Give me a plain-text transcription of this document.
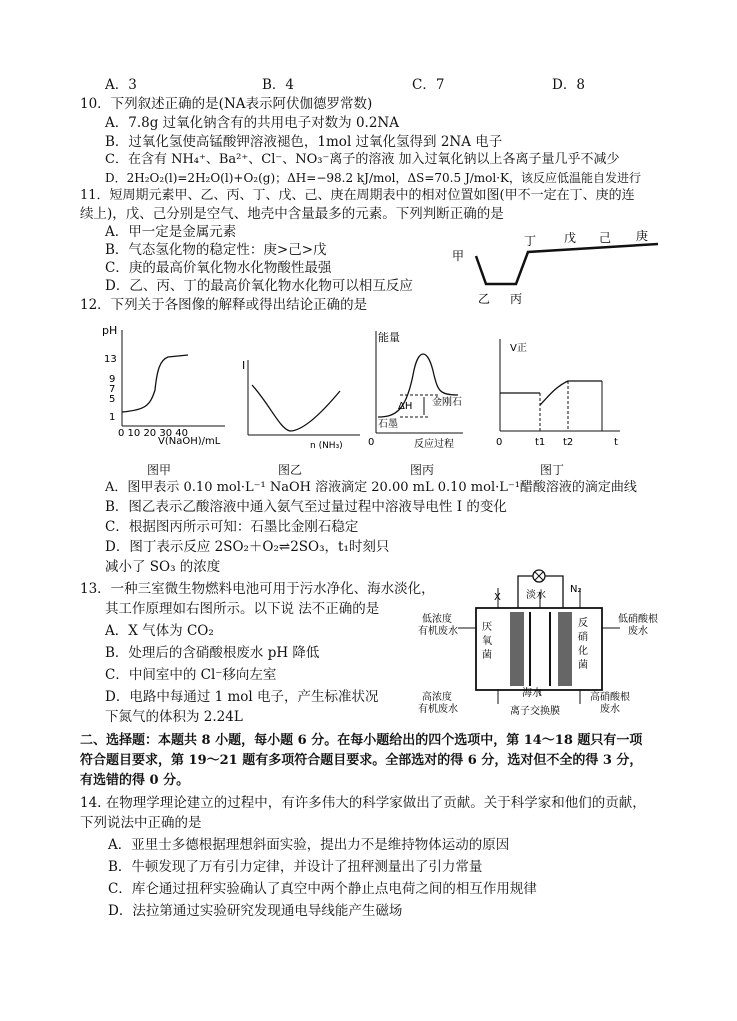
A．3	B．4	C．7	D．8
10．下列叙述正确的是(NA表示阿伏伽德罗常数)
A．7.8g 过氧化钠含有的共用电子对数为 0.2NA
B．过氧化氢使高锰酸钾溶液褪色，1mol 过氧化氢得到 2NA 电子
C．在含有 NH₄⁺、Ba²⁺、Cl⁻、NO₃⁻离子的溶液 加入过氧化钠以上各离子量几乎不减少
D．2H₂O₂(l)=2H₂O(l)+O₂(g)；ΔH=−98.2 kJ/mol，ΔS=70.5 J/mol·K，该反应低温能自发进行
11．短周期元素甲、乙、丙、丁、戊、己、庚在周期表中的相对位置如图(甲不一定在丁、庚的连
续上)，戊、己分别是空气、地壳中含量最多的元素。下列判断正确的是
A．甲一定是金属元素
B．气态氢化物的稳定性：庚>己>戊
C．庚的最高价氧化物水化物酸性最强
D．乙、丙、丁的最高价氧化物水化物可以相互反应
甲
乙 丙
丁 戊 己 庚
12．下列关于各图像的解释或得出结论正确的是
pH
13
9
7
5
1
0 10 20 30 40
V(NaOH)/mL
图甲
I
n (NH₃)
图乙
能量
ΔH 金刚石
石墨
0	反应过程
图丙
V正
0	t1 t2	t
图丁
A．图甲表示 0.10 mol·L⁻¹ NaOH 溶液滴定 20.00 mL 0.10 mol·L⁻¹醋酸溶液的滴定曲线
B．图乙表示乙酸溶液中通入氨气至过量过程中溶液导电性 I 的变化
C．根据图丙所示可知：石墨比金刚石稳定
D．图丁表示反应 2SO₂＋O₂⇌2SO₃，t₁时刻只
减小了 SO₃ 的浓度
13．一种三室微生物燃料电池可用于污水净化、海水淡化，
其工作原理如右图所示。以下说 法不正确的是
A．X 气体为 CO₂
B．处理后的含硝酸根废水 pH 降低
C．中间室中的 Cl⁻移向左室
D．电路中每通过 1 mol 电子，产生标准状况
下氮气的体积为 2.24L
X	淡水
N₂
低浓度
有机废水
低硝酸根
废水
厌
氧
菌
反
硝
化
菌
海水
高浓度
有机废水	离子交换膜
高硝酸根
废水
二、选择题：本题共 8 小题，每小题 6 分。在每小题给出的四个选项中，第 14～18 题只有一项
符合题目要求，第 19～21 题有多项符合题目要求。全部选对的得 6 分，选对但不全的得 3 分，
有选错的得 0 分。
14. 在物理学理论建立的过程中，有许多伟大的科学家做出了贡献。关于科学家和他们的贡献，
下列说法中正确的是
A．亚里士多德根据理想斜面实验，提出力不是维持物体运动的原因
B．牛顿发现了万有引力定律，并设计了扭秤测量出了引力常量
C．库仑通过扭秤实验确认了真空中两个静止点电荷之间的相互作用规律
D．法拉第通过实验研究发现通电导线能产生磁场
